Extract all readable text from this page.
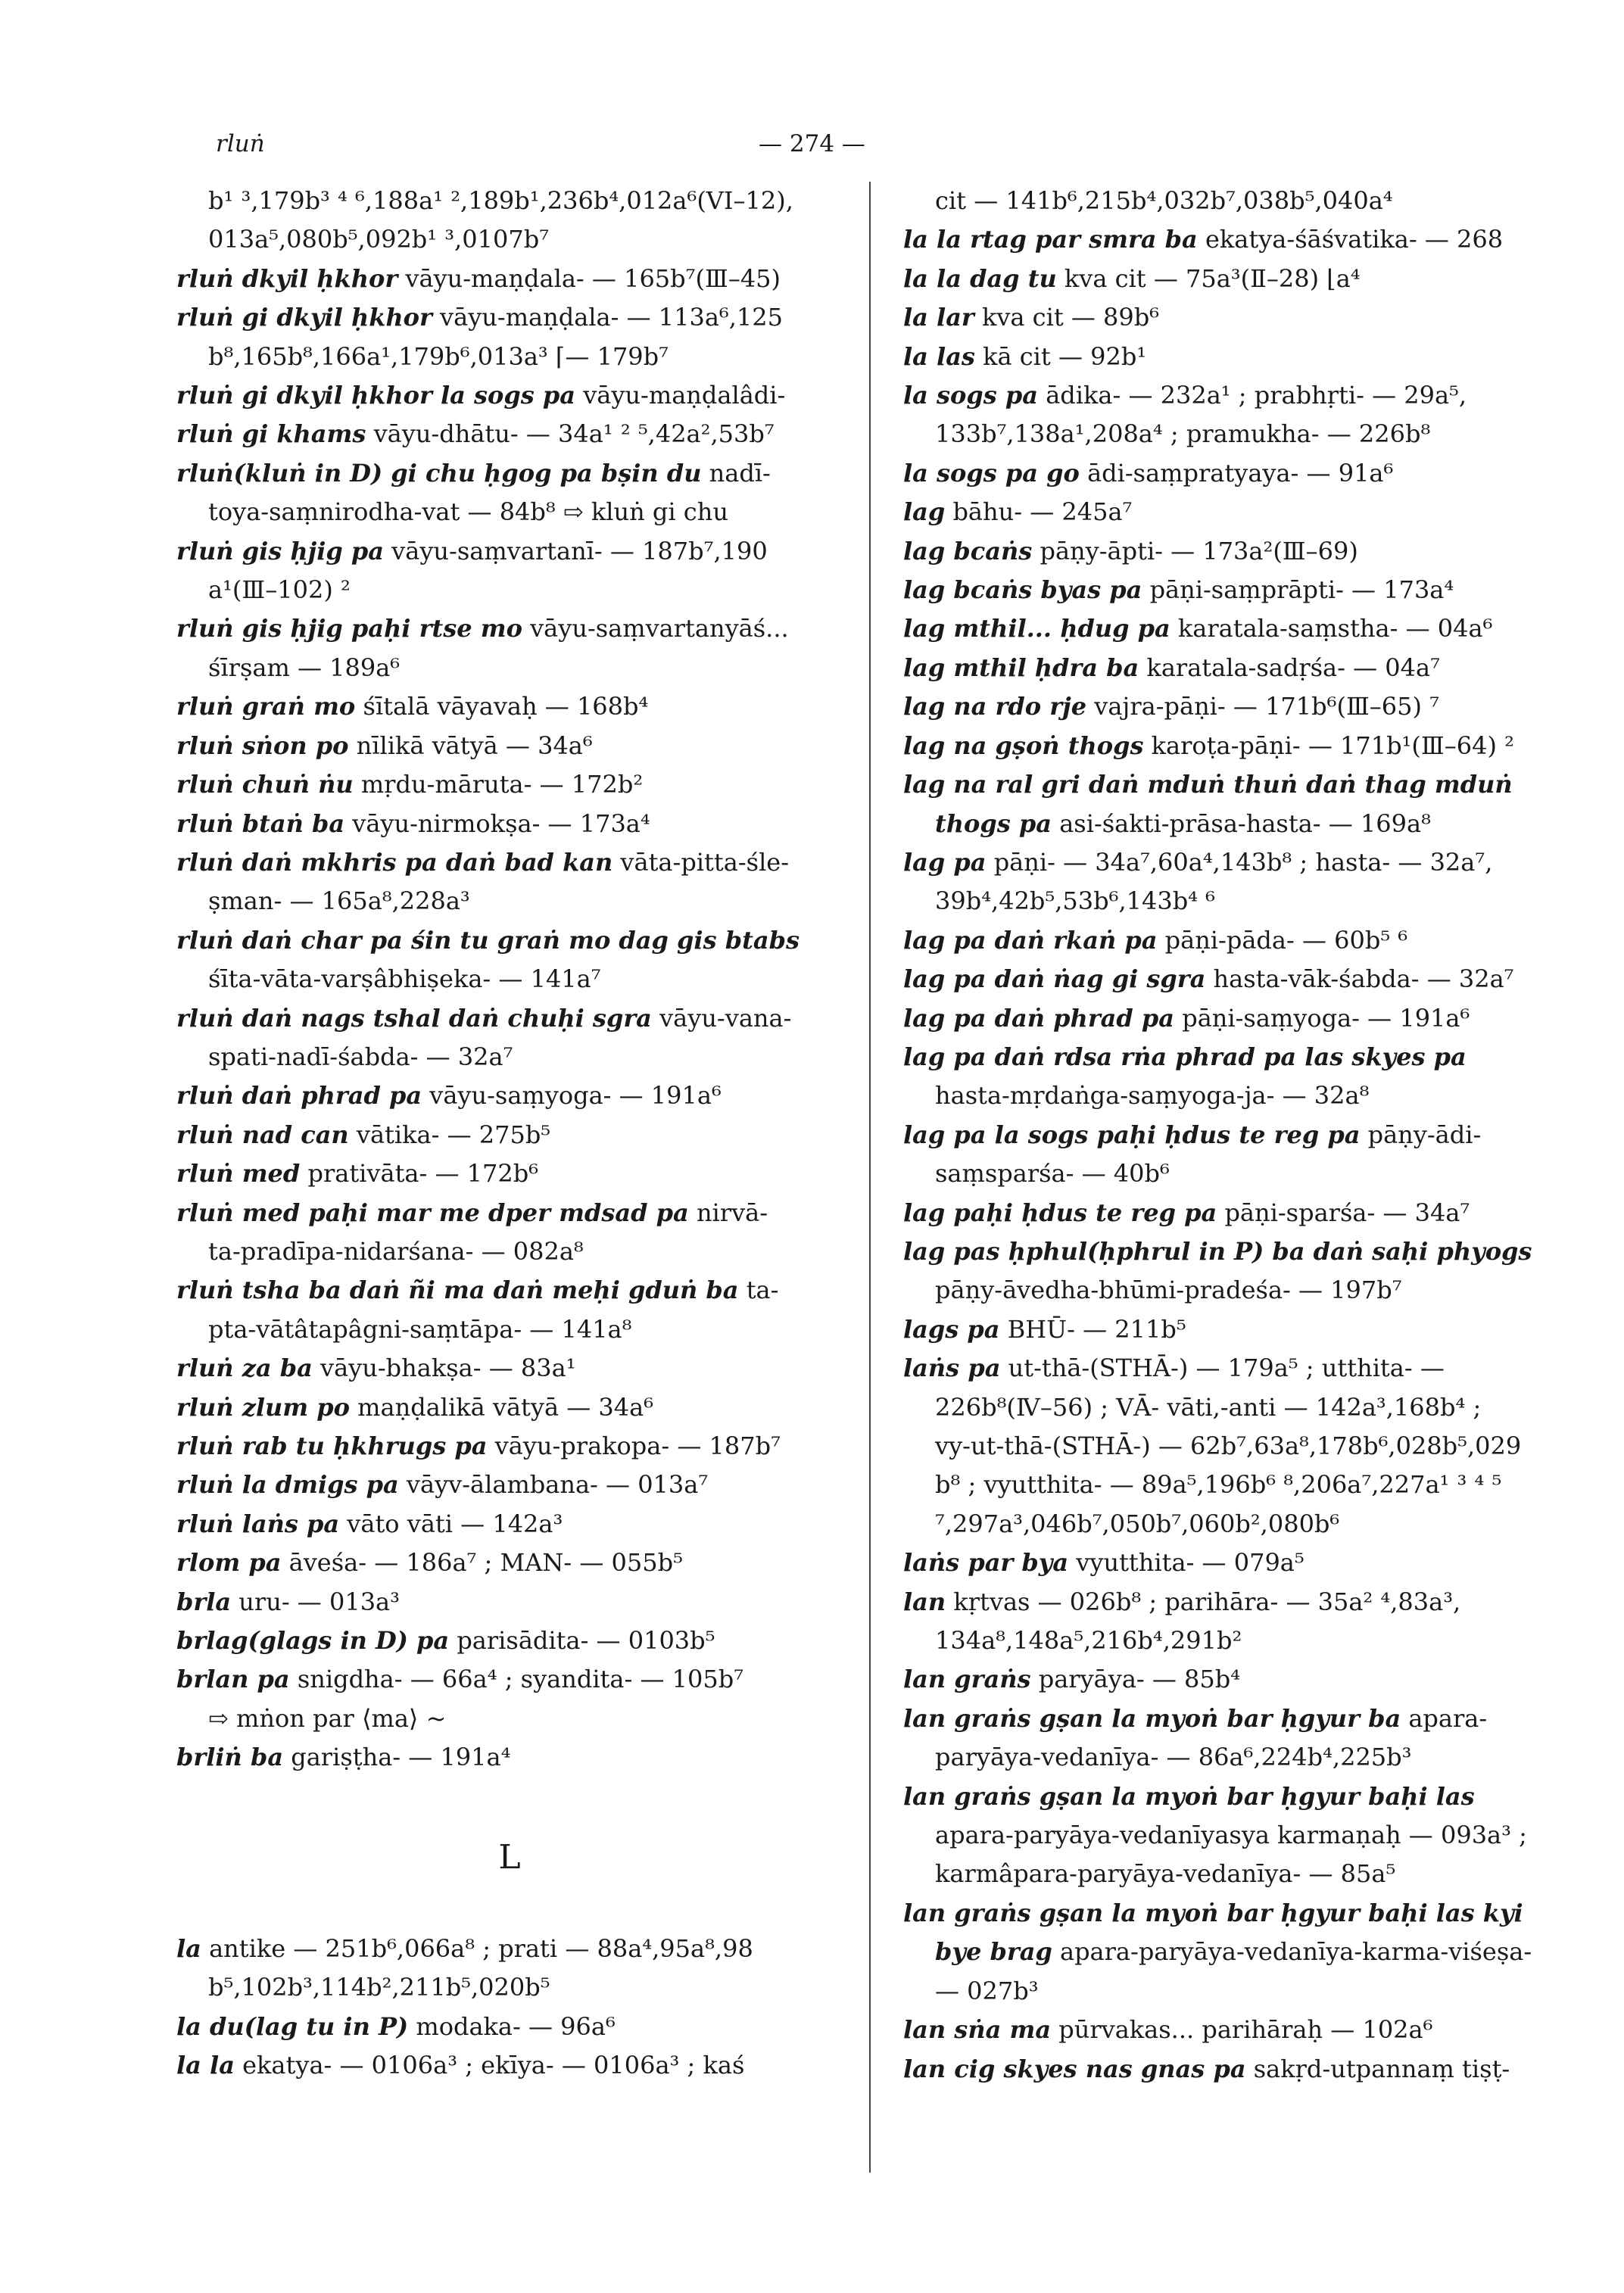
rluṅ	— 274 —
b¹ ³,179b³ ⁴ ⁶,188a¹ ²,189b¹,236b⁴,012a⁶(VI–12),
013a⁵,080b⁵,092b¹ ³,0107b⁷
rluṅ dkyil ḥkhor vāyu-maṇḍala- — 165b⁷(Ⅲ–45)
rluṅ gi dkyil ḥkhor vāyu-maṇḍala- — 113a⁶,125
b⁸,165b⁸,166a¹,179b⁶,013a³ ⌈— 179b⁷
rluṅ gi dkyil ḥkhor la sogs pa vāyu-maṇḍalâdi-
rluṅ gi khams vāyu-dhātu- — 34a¹ ² ⁵,42a²,53b⁷
rluṅ(kluṅ in D) gi chu ḥgog pa bṣin du nadī-
toya-saṃnirodha-vat — 84b⁸ ⇨ kluṅ gi chu
rluṅ gis ḥjig pa vāyu-saṃvartanī- — 187b⁷,190
a¹(Ⅲ–102) ²
rluṅ gis ḥjig paḥi rtse mo vāyu-saṃvartanyāś...
śīrṣam — 189a⁶
rluṅ graṅ mo śītalā vāyavaḥ — 168b⁴
rluṅ sṅon po nīlikā vātyā — 34a⁶
rluṅ chuṅ ṅu mṛdu-māruta- — 172b²
rluṅ btaṅ ba vāyu-nirmokṣa- — 173a⁴
rluṅ daṅ mkhris pa daṅ bad kan vāta-pitta-śle-
ṣman- — 165a⁸,228a³
rluṅ daṅ char pa śin tu graṅ mo dag gis btabs
śīta-vāta-varṣâbhiṣeka- — 141a⁷
rluṅ daṅ nags tshal daṅ chuḥi sgra vāyu-vana-
spati-nadī-śabda- — 32a⁷
rluṅ daṅ phrad pa vāyu-saṃyoga- — 191a⁶
rluṅ nad can vātika- — 275b⁵
rluṅ med prativāta- — 172b⁶
rluṅ med paḥi mar me dper mdsad pa nirvā-
ta-pradīpa-nidarśana- — 082a⁸
rluṅ tsha ba daṅ ñi ma daṅ meḥi gduṅ ba ta-
pta-vātâtapâgni-saṃtāpa- — 141a⁸
rluṅ za ba vāyu-bhakṣa- — 83a¹
rluṅ zlum po maṇḍalikā vātyā — 34a⁶
rluṅ rab tu ḥkhrugs pa vāyu-prakopa- — 187b⁷
rluṅ la dmigs pa vāyv-ālambana- — 013a⁷
rluṅ laṅs pa vāto vāti — 142a³
rlom pa āveśa- — 186a⁷ ; MAN- — 055b⁵
brla uru- — 013a³
brlag(glags in D) pa parisādita- — 0103b⁵
brlan pa snigdha- — 66a⁴ ; syandita- — 105b⁷
⇨ mṅon par ⟨ma⟩ ~
brliṅ ba gariṣṭha- — 191a⁴
L
la antike — 251b⁶,066a⁸ ; prati — 88a⁴,95a⁸,98
b⁵,102b³,114b²,211b⁵,020b⁵
la du(lag tu in P) modaka- — 96a⁶
la la ekatya- — 0106a³ ; ekīya- — 0106a³ ; kaś
cit — 141b⁶,215b⁴,032b⁷,038b⁵,040a⁴
la la rtag par smra ba ekatya-śāśvatika- — 268
la la dag tu kva cit — 75a³(Ⅱ–28) ⌊a⁴
la lar kva cit — 89b⁶
la las kā cit — 92b¹
la sogs pa ādika- — 232a¹ ; prabhṛti- — 29a⁵,
133b⁷,138a¹,208a⁴ ; pramukha- — 226b⁸
la sogs pa go ādi-saṃpratyaya- — 91a⁶
lag bāhu- — 245a⁷
lag bcaṅs pāṇy-āpti- — 173a²(Ⅲ–69)
lag bcaṅs byas pa pāṇi-saṃprāpti- — 173a⁴
lag mthil... ḥdug pa karatala-saṃstha- — 04a⁶
lag mthil ḥdra ba karatala-sadṛśa- — 04a⁷
lag na rdo rje vajra-pāṇi- — 171b⁶(Ⅲ–65) ⁷
lag na gṣoṅ thogs karoṭa-pāṇi- — 171b¹(Ⅲ–64) ²
lag na ral gri daṅ mduṅ thuṅ daṅ thag mduṅ
thogs pa asi-śakti-prāsa-hasta- — 169a⁸
lag pa pāṇi- — 34a⁷,60a⁴,143b⁸ ; hasta- — 32a⁷,
39b⁴,42b⁵,53b⁶,143b⁴ ⁶
lag pa daṅ rkaṅ pa pāṇi-pāda- — 60b⁵ ⁶
lag pa daṅ ṅag gi sgra hasta-vāk-śabda- — 32a⁷
lag pa daṅ phrad pa pāṇi-saṃyoga- — 191a⁶
lag pa daṅ rdsa rṅa phrad pa las skyes pa
hasta-mṛdaṅga-saṃyoga-ja- — 32a⁸
lag pa la sogs paḥi ḥdus te reg pa pāṇy-ādi-
saṃsparśa- — 40b⁶
lag paḥi ḥdus te reg pa pāṇi-sparśa- — 34a⁷
lag pas ḥphul(ḥphrul in P) ba daṅ saḥi phyogs
pāṇy-āvedha-bhūmi-pradeśa- — 197b⁷
lags pa BHŪ- — 211b⁵
laṅs pa ut-thā-(STHĀ-) — 179a⁵ ; utthita- —
226b⁸(Ⅳ–56) ; VĀ- vāti,-anti — 142a³,168b⁴ ;
vy-ut-thā-(STHĀ-) — 62b⁷,63a⁸,178b⁶,028b⁵,029
b⁸ ; vyutthita- — 89a⁵,196b⁶ ⁸,206a⁷,227a¹ ³ ⁴ ⁵
⁷,297a³,046b⁷,050b⁷,060b²,080b⁶
laṅs par bya vyutthita- — 079a⁵
lan kṛtvas — 026b⁸ ; parihāra- — 35a² ⁴,83a³,
134a⁸,148a⁵,216b⁴,291b²
lan graṅs paryāya- — 85b⁴
lan graṅs gṣan la myoṅ bar ḥgyur ba apara-
paryāya-vedanīya- — 86a⁶,224b⁴,225b³
lan graṅs gṣan la myoṅ bar ḥgyur baḥi las
apara-paryāya-vedanīyasya karmaṇaḥ — 093a³ ;
karmâpara-paryāya-vedanīya- — 85a⁵
lan graṅs gṣan la myoṅ bar ḥgyur baḥi las kyi
bye brag apara-paryāya-vedanīya-karma-viśeṣa-
— 027b³
lan sṅa ma pūrvakas... parihāraḥ — 102a⁶
lan cig skyes nas gnas pa sakṛd-utpannaṃ tiṣṭ-
